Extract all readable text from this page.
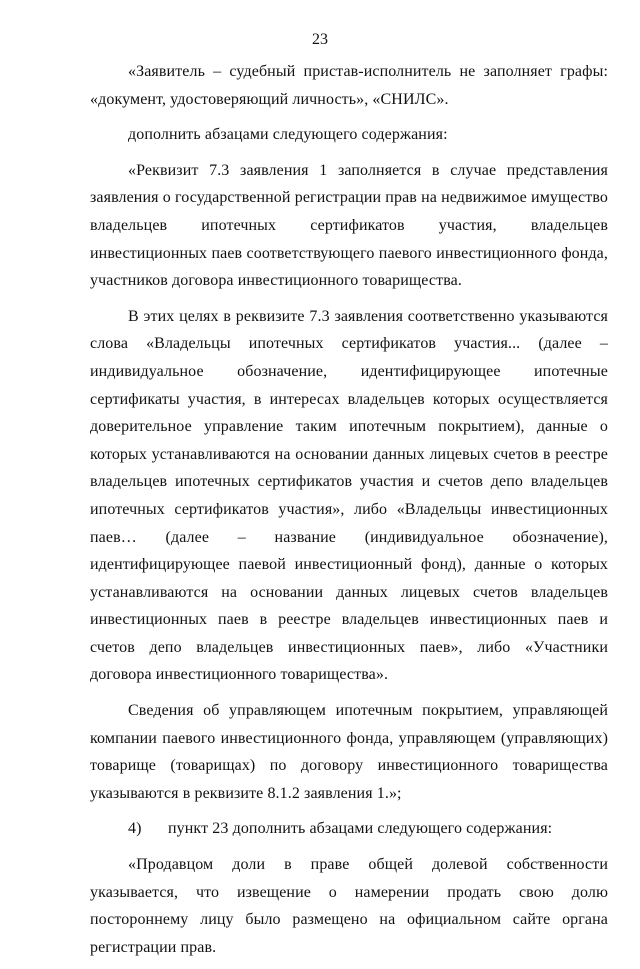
23

«Заявитель – судебный пристав-исполнитель не заполняет графы: «документ, удостоверяющий личность», «СНИЛС».

дополнить абзацами следующего содержания:

«Реквизит 7.3 заявления 1 заполняется в случае представления заявления о государственной регистрации прав на недвижимое имущество владельцев ипотечных сертификатов участия, владельцев инвестиционных паев соответствующего паевого инвестиционного фонда, участников договора инвестиционного товарищества.

В этих целях в реквизите 7.3 заявления соответственно указываются слова «Владельцы ипотечных сертификатов участия... (далее – индивидуальное обозначение, идентифицирующее ипотечные сертификаты участия, в интересах владельцев которых осуществляется доверительное управление таким ипотечным покрытием), данные о которых устанавливаются на основании данных лицевых счетов в реестре владельцев ипотечных сертификатов участия и счетов депо владельцев ипотечных сертификатов участия», либо «Владельцы инвестиционных паев… (далее – название (индивидуальное обозначение), идентифицирующее паевой инвестиционный фонд), данные о которых устанавливаются на основании данных лицевых счетов владельцев инвестиционных паев в реестре владельцев инвестиционных паев и счетов депо владельцев инвестиционных паев», либо «Участники договора инвестиционного товарищества».

Сведения об управляющем ипотечным покрытием, управляющей компании паевого инвестиционного фонда, управляющем (управляющих) товарище (товарищах) по договору инвестиционного товарищества указываются в реквизите 8.1.2 заявления 1.»;

4)	пункт 23 дополнить абзацами следующего содержания:

«Продавцом доли в праве общей долевой собственности указывается, что извещение о намерении продать свою долю постороннему лицу было размещено на официальном сайте органа регистрации прав.
